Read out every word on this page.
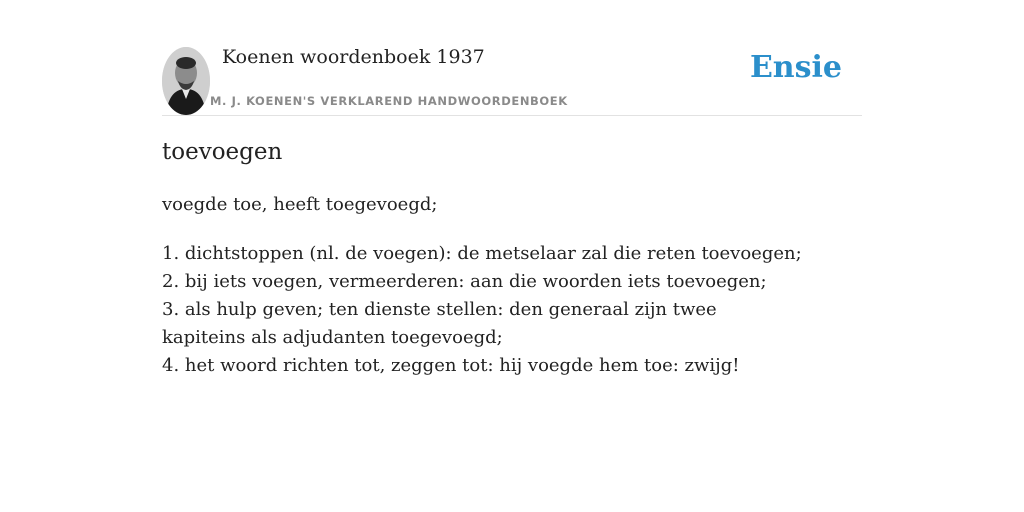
Koenen woordenboek 1937
M. J. KOENEN'S VERKLAREND HANDWOORDENBOEK
Ensie
toevoegen
voegde toe, heeft toegevoegd;
1. dichtstoppen (nl. de voegen): de metselaar zal die reten toevoegen;
2. bij iets voegen, vermeerderen: aan die woorden iets toevoegen;
3. als hulp geven; ten dienste stellen: den generaal zijn twee kapiteins als adjudanten toegevoegd;
4. het woord richten tot, zeggen tot: hij voegde hem toe: zwijg!
